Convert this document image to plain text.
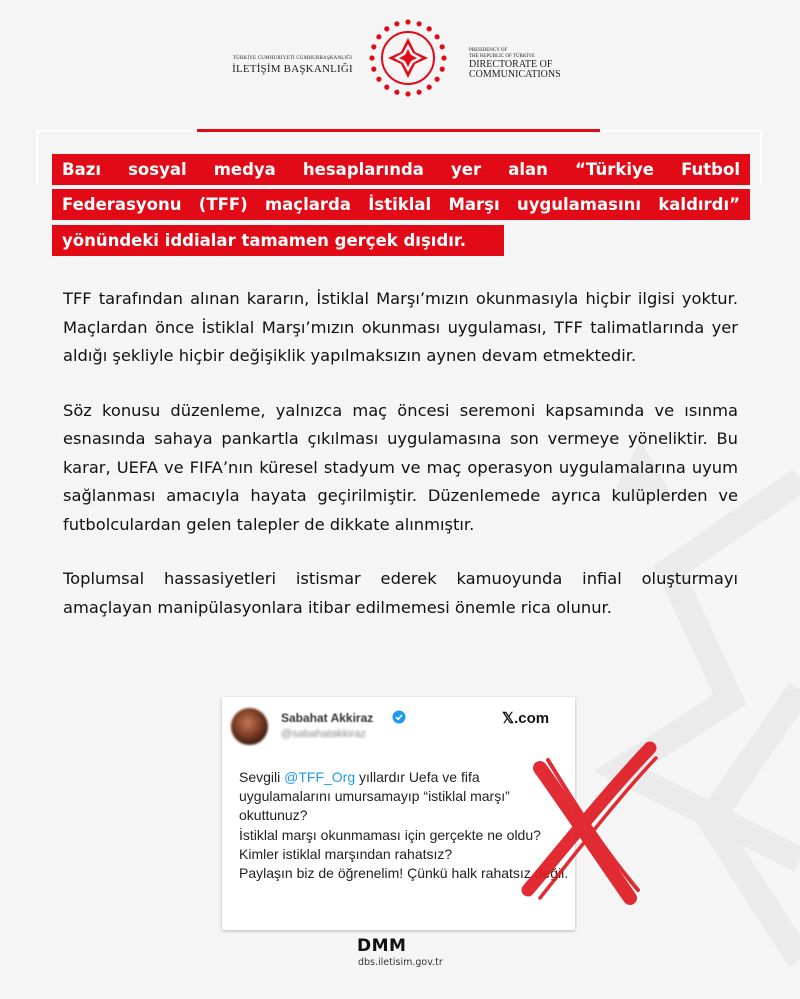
TÜRKİYE CUMHURİYETİ CUMHURBAŞKANLIĞI
İLETİŞİM BAŞKANLIĞI
PRESIDENCY OF
THE REPUBLIC OF TÜRKİYE
DIRECTORATE OF
COMMUNICATIONS
Bazı sosyal medya hesaplarında yer alan “Türkiye Futbol
Federasyonu (TFF) maçlarda İstiklal Marşı uygulamasını kaldırdı”
yönündeki iddialar tamamen gerçek dışıdır.

TFF tarafından alınan kararın, İstiklal Marşı’mızın okunmasıyla hiçbir ilgisi yoktur. Maçlardan önce İstiklal Marşı’mızın okunması uygulaması, TFF talimatlarında yer aldığı şekliyle hiçbir değişiklik yapılmaksızın aynen devam etmektedir.

Söz konusu düzenleme, yalnızca maç öncesi seremoni kapsamında ve ısınma esnasında sahaya pankartla çıkılması uygulamasına son vermeye yöneliktir. Bu karar, UEFA ve FIFA’nın küresel stadyum ve maç operasyon uygulamalarına uyum sağlanması amacıyla hayata geçirilmiştir. Düzenlemede ayrıca kulüplerden ve futbolculardan gelen talepler de dikkate alınmıştır.

Toplumsal hassasiyetleri istismar ederek kamuoyunda infial oluşturmayı amaçlayan manipülasyonlara itibar edilmemesi önemle rica olunur.

Sabahat Akkiraz
@sabahatakkiraz
𝕏.com
Sevgili @TFF_Org yıllardır Uefa ve fifa uygulamalarını umursamayıp “istiklal marşı” okuttunuz?
İstiklal marşı okunmaması için gerçekte ne oldu? Kimler istiklal marşından rahatsız?
Paylaşın biz de öğrenelim! Çünkü halk rahatsız değil.
DMM
dbs.iletisim.gov.tr
